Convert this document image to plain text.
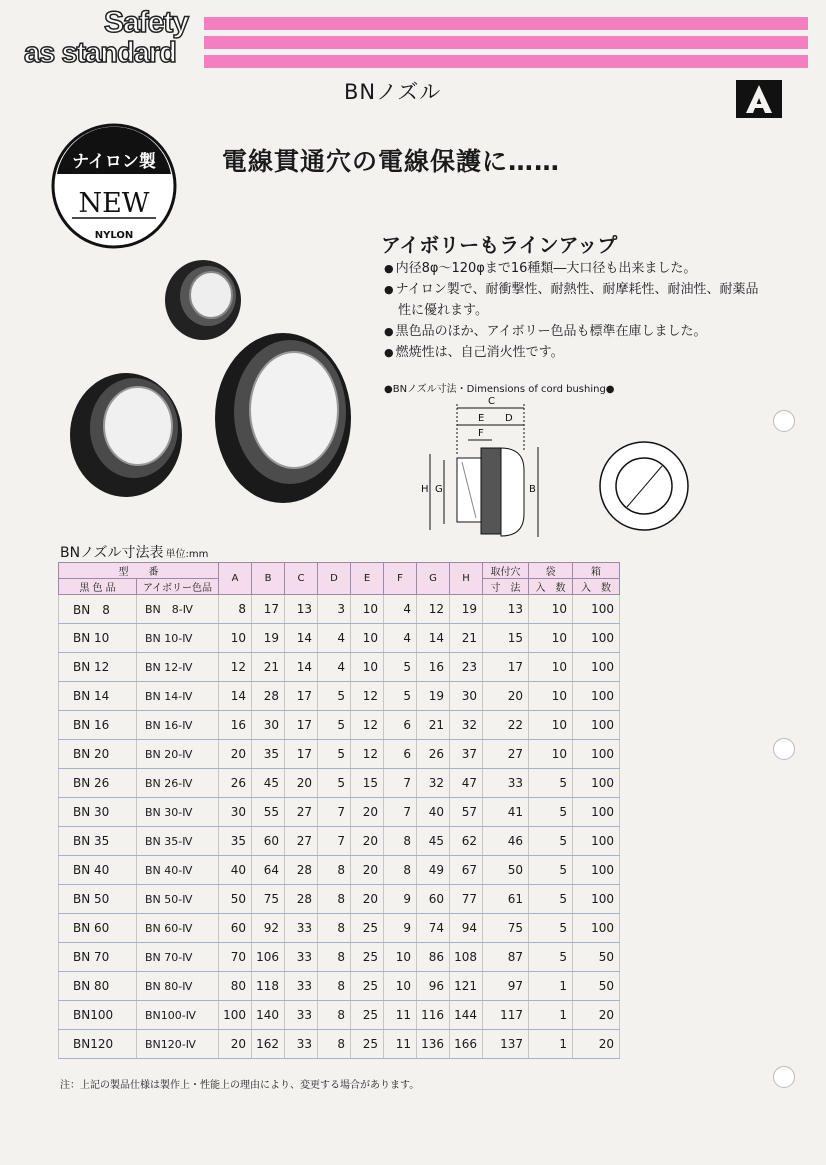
Safety
as standard
BNノズル
ナイロン製
NEW
NYLON
電線貫通穴の電線保護に……
アイボリーもラインアップ
● 内径8φ～120φまで16種類―大口径も出来ました。
● ナイロン製で、耐衝撃性、耐熱性、耐摩耗性、耐油性、耐薬品性に優れます。
● 黒色品のほか、アイボリー色品も標準在庫しました。
● 燃焼性は、自己消火性です。
●BNノズル寸法・Dimensions of cord bushing●
C
E D
F
H G	B
BNノズル寸法表 単位:mm
型　　番		A	B	C	D	E	F	G	H	取付穴	袋	箱
黒 色 品	アイボリー色品									寸　法	入　数	入　数
BN　8	BN　8-Ⅳ	8	17	13	3	10	4	12	19	13	10	100
BN 10	BN 10-Ⅳ	10	19	14	4	10	4	14	21	15	10	100
BN 12	BN 12-Ⅳ	12	21	14	4	10	5	16	23	17	10	100
BN 14	BN 14-Ⅳ	14	28	17	5	12	5	19	30	20	10	100
BN 16	BN 16-Ⅳ	16	30	17	5	12	6	21	32	22	10	100
BN 20	BN 20-Ⅳ	20	35	17	5	12	6	26	37	27	10	100
BN 26	BN 26-Ⅳ	26	45	20	5	15	7	32	47	33	5	100
BN 30	BN 30-Ⅳ	30	55	27	7	20	7	40	57	41	5	100
BN 35	BN 35-Ⅳ	35	60	27	7	20	8	45	62	46	5	100
BN 40	BN 40-Ⅳ	40	64	28	8	20	8	49	67	50	5	100
BN 50	BN 50-Ⅳ	50	75	28	8	20	9	60	77	61	5	100
BN 60	BN 60-Ⅳ	60	92	33	8	25	9	74	94	75	5	100
BN 70	BN 70-Ⅳ	70	106	33	8	25	10	86	108	87	5	50
BN 80	BN 80-Ⅳ	80	118	33	8	25	10	96	121	97	1	50
BN100	BN100-Ⅳ	100	140	33	8	25	11	116	144	117	1	20
BN120	BN120-Ⅳ	20	162	33	8	25	11	136	166	137	1	20
注：上記の製品仕様は製作上・性能上の理由により、変更する場合があります。
